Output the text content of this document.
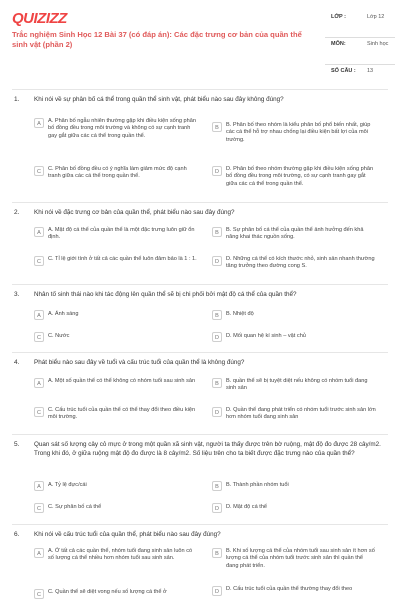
QUIZIZZ
Trắc nghiệm Sinh Học 12 Bài 37 (có đáp án): Các đặc trưng cơ bản của quần thể sinh vật (phần 2)
LỚP :	Lớp 12
MÔN:	Sinh học
SỐ CÂU : 13
1. Khi nói về sự phân bố cá thể trong quần thể sinh vật, phát biểu nào sau đây không đúng?
A	A. Phân bố ngẫu nhiên thường gặp khi điều kiện sống phân bố đồng đều trong môi trường và không có sự cạnh tranh gay gắt giữa các cá thể trong quần thể.
B	B. Phân bố theo nhóm là kiểu phân bố phổ biến nhất, giúp các cá thể hỗ trợ nhau chống lại điều kiện bất lợi của môi trường.
C	C. Phân bố đồng đều có ý nghĩa làm giảm mức độ cạnh tranh giữa các cá thể trong quần thể.
D	D. Phân bố theo nhóm thường gặp khi điều kiện sống phân bố đồng đều trong môi trường, có sự cạnh tranh gay gắt giữa các cá thể trong quần thể.
2. Khi nói về đặc trưng cơ bản của quần thể, phát biểu nào sau đây đúng?
A	A. Mật độ cá thể của quần thể là một đặc trưng luôn giữ ổn định.
B	B. Sự phân bố cá thể của quần thể ảnh hưởng đến khả năng khai thác nguồn sống.
C	C. Tỉ lệ giới tính ở tất cả các quần thể luôn đảm bảo là 1 : 1.	D	D. Những cá thể có kích thước nhỏ, sinh sản nhanh thường tăng trưởng theo đường cong S.
3. Nhân tố sinh thái nào khi tác động lên quần thể sẽ bị chi phối bởi mật độ cá thể của quần thể?
A	A. Ánh sáng	B	B. Nhiệt độ
C	C. Nước	D	D. Mối quan hệ kí sinh – vật chủ
4. Phát biểu nào sau đây về tuổi và cấu trúc tuổi của quần thể là không đúng?
A	A. Một số quần thể có thể không có nhóm tuổi sau sinh sản	B	B. quần thể sẽ bị tuyệt diệt nếu không có nhóm tuổi đang sinh sản
C	C. Cấu trúc tuổi của quần thể có thể thay đổi theo điều kiện môi trường.
D	D. Quần thể đang phát triển có nhóm tuổi trước sinh sản lớn hơn nhóm tuổi đang sinh sản
5. Quan sát số lượng cây cỏ mực ở trong một quần xã sinh vật, người ta thấy được trên bờ ruộng, mật độ đo được 28 cây/m2. Trong khi đó, ở giữa ruộng mật độ đo được là 8 cây/m2. Số liệu trên cho ta biết được đặc trưng nào của quần thể?
A	A. Tỷ lệ đực/cái	B	B. Thành phần nhóm tuổi
C	C. Sự phân bố cá thể	D	D. Mật độ cá thể
6. Khi nói về cấu trúc tuổi của quần thể, phát biểu nào sau đây đúng?
A	A. Ở tất cả các quần thể, nhóm tuổi đang sinh sản luôn có số lượng cá thể nhiều hơn nhóm tuổi sau sinh sản.
B	B. Khi số lượng cá thể của nhóm tuổi sau sinh sản ít hơn số lượng cá thể của nhóm tuổi trước sinh sản thì quần thể đang phát triển.
C	C. Quần thể sẽ diệt vong nếu số lượng cá thể ở	D	D. Cấu trúc tuổi của quần thể thường thay đổi theo
